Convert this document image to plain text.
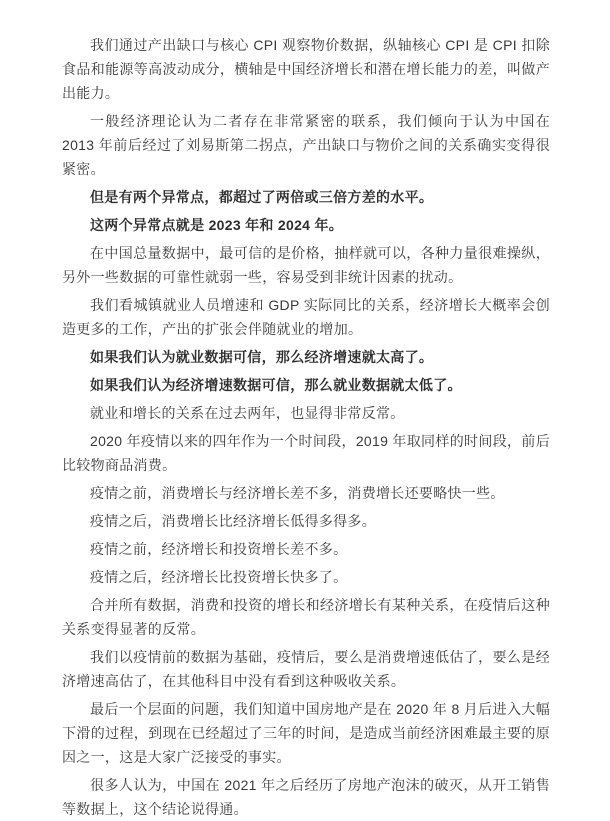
我们通过产出缺口与核心 CPI 观察物价数据，纵轴核心 CPI 是 CPI 扣除食品和能源等高波动成分，横轴是中国经济增长和潜在增长能力的差，叫做产出能力。

一般经济理论认为二者存在非常紧密的联系，我们倾向于认为中国在 2013 年前后经过了刘易斯第二拐点，产出缺口与物价之间的关系确实变得很紧密。

但是有两个异常点，都超过了两倍或三倍方差的水平。

这两个异常点就是 2023 年和 2024 年。

在中国总量数据中，最可信的是价格，抽样就可以，各种力量很难操纵，另外一些数据的可靠性就弱一些，容易受到非统计因素的扰动。

我们看城镇就业人员增速和 GDP 实际同比的关系，经济增长大概率会创造更多的工作，产出的扩张会伴随就业的增加。

如果我们认为就业数据可信，那么经济增速就太高了。

如果我们认为经济增速数据可信，那么就业数据就太低了。

就业和增长的关系在过去两年，也显得非常反常。

2020 年疫情以来的四年作为一个时间段，2019 年取同样的时间段，前后比较物商品消费。

疫情之前，消费增长与经济增长差不多，消费增长还要略快一些。

疫情之后，消费增长比经济增长低得多得多。

疫情之前，经济增长和投资增长差不多。

疫情之后，经济增长比投资增长快多了。

合并所有数据，消费和投资的增长和经济增长有某种关系，在疫情后这种关系变得显著的反常。

我们以疫情前的数据为基础，疫情后，要么是消费增速低估了，要么是经济增速高估了，在其他科目中没有看到这种吸收关系。

最后一个层面的问题，我们知道中国房地产是在 2020 年 8 月后进入大幅下滑的过程，到现在已经超过了三年的时间，是造成当前经济困难最主要的原因之一，这是大家广泛接受的事实。

很多人认为，中国在 2021 年之后经历了房地产泡沫的破灭，从开工销售等数据上，这个结论说得通。
